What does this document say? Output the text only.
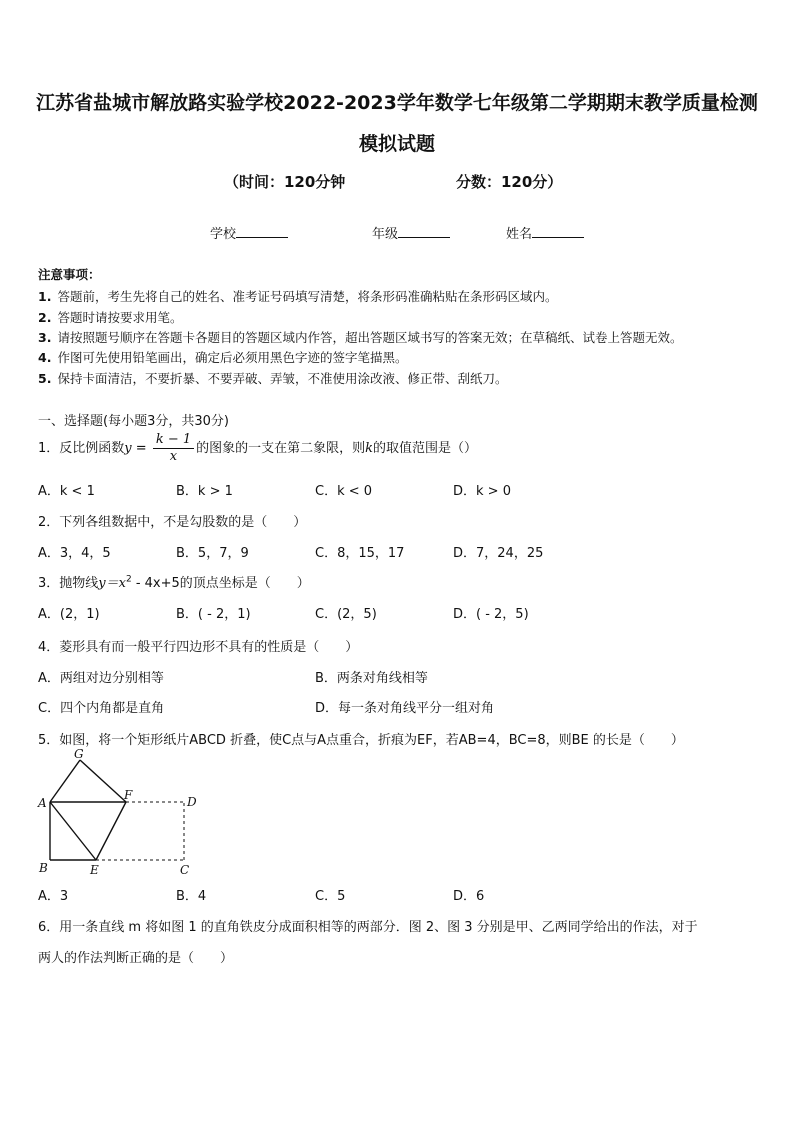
江苏省盐城市解放路实验学校2022-2023学年数学七年级第二学期期末教学质量检测
模拟试题
（时间：120分钟	分数：120分）
学校	年级	姓名
注意事项：
1. 答题前，考生先将自己的姓名、准考证号码填写清楚，将条形码准确粘贴在条形码区域内。
2. 答题时请按要求用笔。
3. 请按照题号顺序在答题卡各题目的答题区域内作答，超出答题区域书写的答案无效；在草稿纸、试卷上答题无效。
4. 作图可先使用铅笔画出，确定后必须用黑色字迹的签字笔描黑。
5. 保持卡面清洁，不要折暴、不要弄破、弄皱，不准使用涂改液、修正带、刮纸刀。
一、选择题(每小题3分，共30分)
1．反比例函数$y = \frac{k - 1}{x}$ 的图象的一支在第二象限，则k的取值范围是（）
A．k < 1	B．k > 1	C．k < 0	D．k > 0
2．下列各组数据中，不是勾股数的是（　　）
A．3，4，5	B．5，7，9	C．8，15，17	D．7，24，25
3．抛物线$y=x^2 - 4x+5$的顶点坐标是（　　）
A．(2，1)	B．( - 2，1)	C．(2，5)	D．( - 2，5)
4．菱形具有而一般平行四边形不具有的性质是（　　）
A．两组对边分别相等	B．两条对角线相等
C．四个内角都是直角	D．每一条对角线平分一组对角
5．如图，将一个矩形纸片ABCD 折叠，使C点与A点重合，折痕为EF，若AB=4，BC=8，则BE 的长是（　　）
G
A
F	D
B	E	C
A．3	B．4	C．5	D．6
6．用一条直线 m 将如图 1 的直角铁皮分成面积相等的两部分．图 2、图 3 分别是甲、乙两同学给出的作法，对于
两人的作法判断正确的是（　　）
